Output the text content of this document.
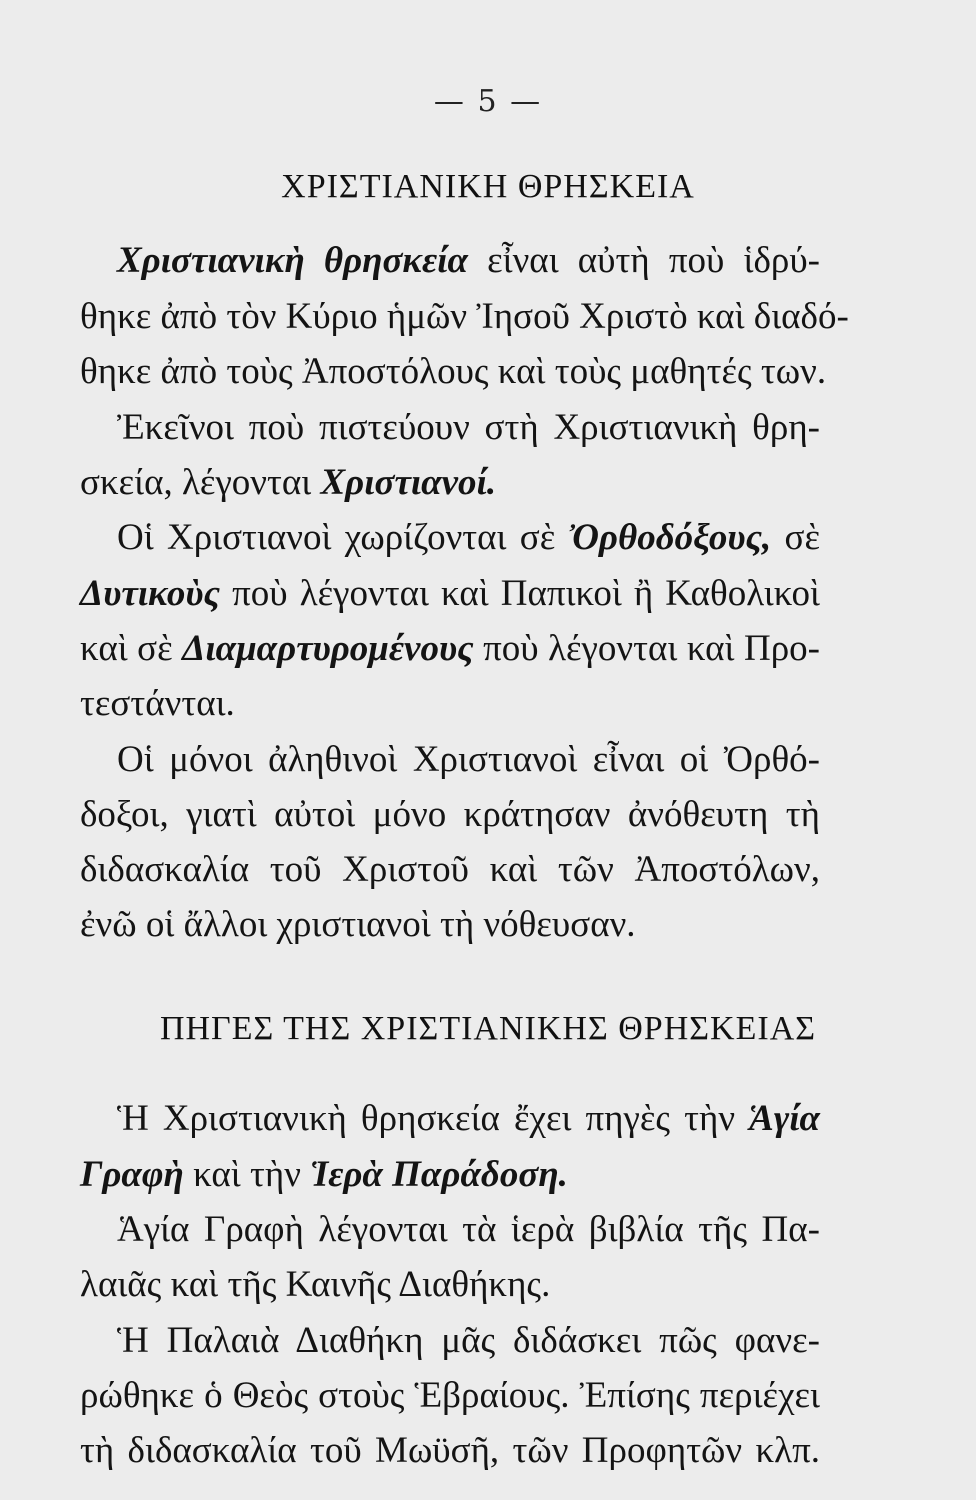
— 5 —
ΧΡΙΣΤΙΑΝΙΚΗ ΘΡΗΣΚΕΙΑ
Χριστιανικὴ θρησκεία εἶναι αὐτὴ ποὺ ἱδρύ-
θηκε ἀπὸ τὸν Κύριο ἡμῶν Ἰησοῦ Χριστὸ καὶ διαδό-
θηκε ἀπὸ τοὺς Ἀποστόλους καὶ τοὺς μαθητές των.
Ἐκεῖνοι ποὺ πιστεύουν στὴ Χριστιανικὴ θρη-
σκεία, λέγονται Χριστιανοί.
Οἱ Χριστιανοὶ χωρίζονται σὲ Ὀρθοδόξους, σὲ
Δυτικοὺς ποὺ λέγονται καὶ Παπικοὶ ἢ Καθολικοὶ
καὶ σὲ Διαμαρτυρομένους ποὺ λέγονται καὶ Προ-
τεστάνται.
Οἱ μόνοι ἀληθινοὶ Χριστιανοὶ εἶναι οἱ Ὀρθό-
δοξοι, γιατὶ αὐτοὶ μόνο κράτησαν ἀνόθευτη τὴ
διδασκαλία τοῦ Χριστοῦ καὶ τῶν Ἀποστόλων,
ἐνῶ οἱ ἄλλοι χριστιανοὶ τὴ νόθευσαν.
ΠΗΓΕΣ ΤΗΣ ΧΡΙΣΤΙΑΝΙΚΗΣ ΘΡΗΣΚΕΙΑΣ
Ἡ Χριστιανικὴ θρησκεία ἔχει πηγὲς τὴν Ἁγία
Γραφὴ καὶ τὴν Ἱερὰ Παράδοση.
Ἁγία Γραφὴ λέγονται τὰ ἱερὰ βιβλία τῆς Πα-
λαιᾶς καὶ τῆς Καινῆς Διαθήκης.
Ἡ Παλαιὰ Διαθήκη μᾶς διδάσκει πῶς φανε-
ρώθηκε ὁ Θεὸς στοὺς Ἑβραίους. Ἐπίσης περιέχει
τὴ διδασκαλία τοῦ Μωϋσῆ, τῶν Προφητῶν κλπ.
